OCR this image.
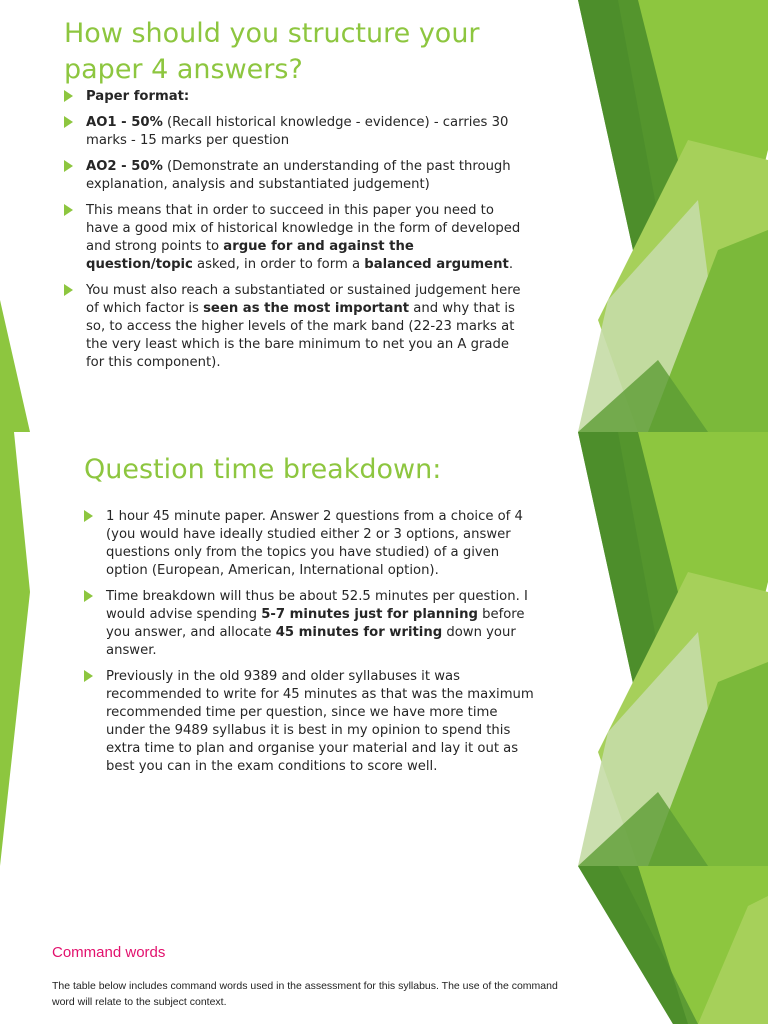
How should you structure your paper 4 answers?
Paper format:
AO1 - 50% (Recall historical knowledge - evidence) - carries 30 marks - 15 marks per question
AO2 - 50% (Demonstrate an understanding of the past through explanation, analysis and substantiated judgement)
This means that in order to succeed in this paper you need to have a good mix of historical knowledge in the form of developed and strong points to argue for and against the question/topic asked, in order to form a balanced argument.
You must also reach a substantiated or sustained judgement here of which factor is seen as the most important and why that is so, to access the higher levels of the mark band (22-23 marks at the very least which is the bare minimum to net you an A grade for this component).
Question time breakdown:
1 hour 45 minute paper. Answer 2 questions from a choice of 4 (you would have ideally studied either 2 or 3 options, answer questions only from the topics you have studied) of a given option (European, American, International option).
Time breakdown will thus be about 52.5 minutes per question. I would advise spending 5-7 minutes just for planning before you answer, and allocate 45 minutes for writing down your answer.
Previously in the old 9389 and older syllabuses it was recommended to write for 45 minutes as that was the maximum recommended time per question, since we have more time under the 9489 syllabus it is best in my opinion to spend this extra time to plan and organise your material and lay it out as best you can in the exam conditions to score well.
Command words
The table below includes command words used in the assessment for this syllabus. The use of the command word will relate to the subject context.
